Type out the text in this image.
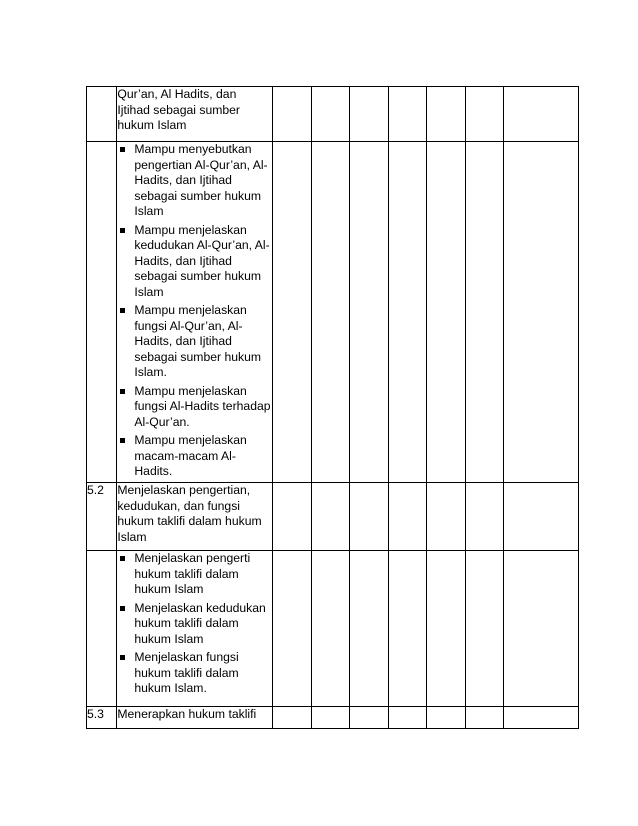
	Qur’an, Al Hadits, dan Ijtihad sebagai sumber hukum Islam							

	Mampu menyebutkan pengertian Al-Qur’an, Al-Hadits, dan Ijtihad sebagai sumber hukum Islam
Mampu menjelaskan kedudukan Al-Qur’an, Al-Hadits, dan Ijtihad sebagai sumber hukum Islam
Mampu menjelaskan fungsi Al-Qur’an, Al-Hadits, dan Ijtihad sebagai sumber hukum Islam.
Mampu menjelaskan fungsi Al-Hadits terhadap Al-Qur’an.
Mampu menjelaskan macam-macam Al-Hadits.							

5.2	Menjelaskan pengertian, kedudukan, dan fungsi hukum taklifi dalam hukum Islam							

	Menjelaskan pengerti hukum taklifi dalam hukum Islam
Menjelaskan kedudukan hukum taklifi dalam hukum Islam
Menjelaskan fungsi hukum taklifi dalam hukum Islam.							

5.3	Menerapkan hukum taklifi							
